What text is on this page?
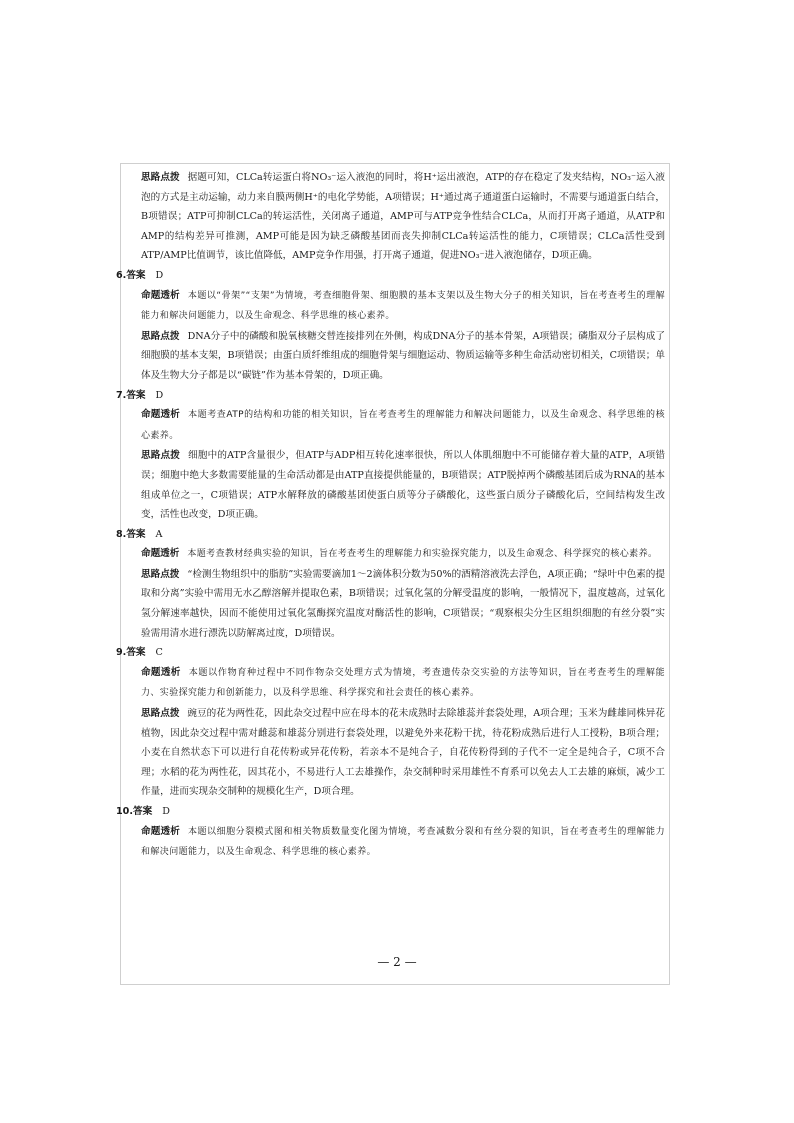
思路点拨 据题可知，CLCa转运蛋白将NO₃⁻运入液泡的同时，将H⁺运出液泡，ATP的存在稳定了发夹结构，NO₃⁻运入液泡的方式是主动运输，动力来自膜两侧H⁺的电化学势能，A项错误；H⁺通过离子通道蛋白运输时，不需要与通道蛋白结合，B项错误；ATP可抑制CLCa的转运活性，关闭离子通道，AMP可与ATP竞争性结合CLCa，从而打开离子通道，从ATP和AMP的结构差异可推测，AMP可能是因为缺乏磷酸基团而丧失抑制CLCa转运活性的能力，C项错误；CLCa活性受到ATP/AMP比值调节，该比值降低，AMP竞争作用强，打开离子通道，促进NO₃⁻进入液泡储存，D项正确。

6.答案 D

命题透析 本题以“骨架”“支架”为情境，考查细胞骨架、细胞膜的基本支架以及生物大分子的相关知识，旨在考查考生的理解能力和解决问题能力，以及生命观念、科学思维的核心素养。

思路点拨 DNA分子中的磷酸和脱氧核糖交替连接排列在外侧，构成DNA分子的基本骨架，A项错误；磷脂双分子层构成了细胞膜的基本支架，B项错误；由蛋白质纤维组成的细胞骨架与细胞运动、物质运输等多种生命活动密切相关，C项错误；单体及生物大分子都是以“碳链”作为基本骨架的，D项正确。

7.答案 D

命题透析 本题考查ATP的结构和功能的相关知识，旨在考查考生的理解能力和解决问题能力，以及生命观念、科学思维的核心素养。

思路点拨 细胞中的ATP含量很少，但ATP与ADP相互转化速率很快，所以人体肌细胞中不可能储存着大量的ATP，A项错误；细胞中绝大多数需要能量的生命活动都是由ATP直接提供能量的，B项错误；ATP脱掉两个磷酸基团后成为RNA的基本组成单位之一，C项错误；ATP水解释放的磷酸基团使蛋白质等分子磷酸化，这些蛋白质分子磷酸化后，空间结构发生改变，活性也改变，D项正确。

8.答案 A

命题透析 本题考查教材经典实验的知识，旨在考查考生的理解能力和实验探究能力，以及生命观念、科学探究的核心素养。

思路点拨 “检测生物组织中的脂肪”实验需要滴加1～2滴体积分数为50%的酒精溶液洗去浮色，A项正确；“绿叶中色素的提取和分离”实验中需用无水乙醇溶解并提取色素，B项错误；过氧化氢的分解受温度的影响，一般情况下，温度越高，过氧化氢分解速率越快，因而不能使用过氧化氢酶探究温度对酶活性的影响，C项错误；“观察根尖分生区组织细胞的有丝分裂”实验需用清水进行漂洗以防解离过度，D项错误。

9.答案 C

命题透析 本题以作物育种过程中不同作物杂交处理方式为情境，考查遗传杂交实验的方法等知识，旨在考查考生的理解能力、实验探究能力和创新能力，以及科学思维、科学探究和社会责任的核心素养。

思路点拨 豌豆的花为两性花，因此杂交过程中应在母本的花未成熟时去除雄蕊并套袋处理，A项合理；玉米为雌雄同株异花植物，因此杂交过程中需对雌蕊和雄蕊分别进行套袋处理，以避免外来花粉干扰，待花粉成熟后进行人工授粉，B项合理；小麦在自然状态下可以进行自花传粉或异花传粉，若亲本不是纯合子，自花传粉得到的子代不一定全是纯合子，C项不合理；水稻的花为两性花，因其花小，不易进行人工去雄操作，杂交制种时采用雄性不育系可以免去人工去雄的麻烦，减少工作量，进而实现杂交制种的规模化生产，D项合理。

10.答案 D

命题透析 本题以细胞分裂模式图和相关物质数量变化图为情境，考查减数分裂和有丝分裂的知识，旨在考查考生的理解能力和解决问题能力，以及生命观念、科学思维的核心素养。

— 2 —
